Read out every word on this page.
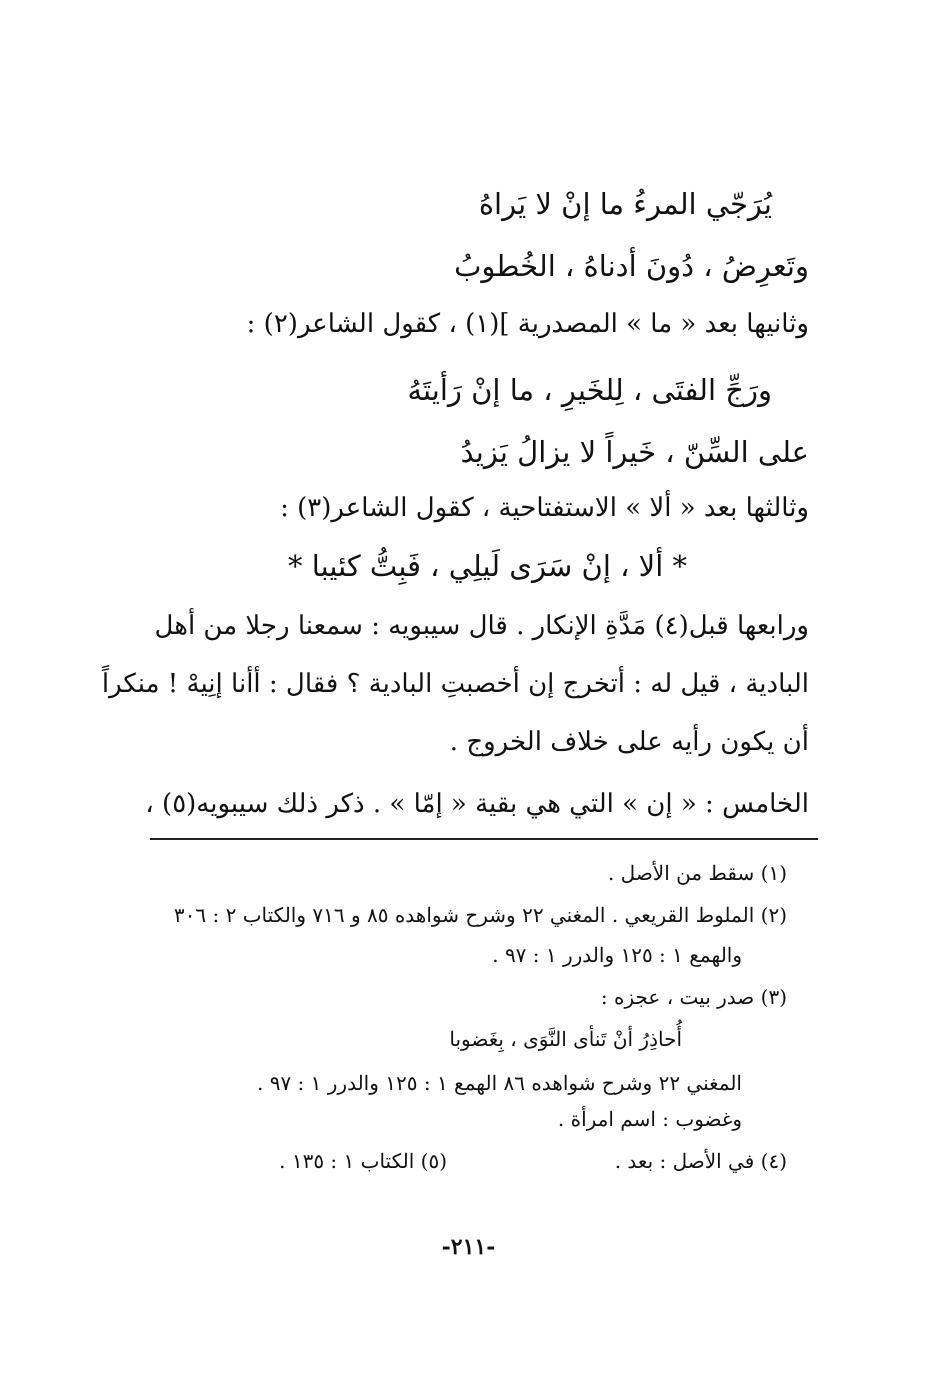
يُرَجّي المرءُ ما إنْ لا يَراهُ
وتَعرِضُ ، دُونَ أدناهُ ، الخُطوبُ
وثانيها بعد « ما » المصدرية ](١) ، كقول الشاعر(٢) :
ورَجِّ الفتَى ، لِلخَيرِ ، ما إنْ رَأيتَهُ
على السِّنّ ، خَيراً لا يزالُ يَزيدُ
وثالثها بعد « ألا » الاستفتاحية ، كقول الشاعر(٣) :
* ألا ، إنْ سَرَى لَيلِي ، فَبِتُّ كئيبا *
ورابعها قبل(٤) مَدَّةِ الإنكار . قال سيبويه : سمعنا رجلا من أهل
البادية ، قيل له : أتخرج إن أخصبتِ البادية ؟ فقال : أأنا إنِيهْ ! منكراً
أن يكون رأيه على خلاف الخروج .
الخامس : « إن » التي هي بقية « إمّا » . ذكر ذلك سيبويه(٥) ،
(١) سقط من الأصل .
(٢) الملوط القريعي . المغني ٢٢ وشرح شواهده ٨٥ و ٧١٦ والكتاب ٢ : ٣٠٦
والهمع ١ : ١٢٥ والدرر ١ : ٩٧ .
(٣) صدر بيت ، عجزه :
أُحاذِرُ أنْ تَنأى النَّوَى ، بِغَضوبا
المغني ٢٢ وشرح شواهده ٨٦ الهمع ١ : ١٢٥ والدرر ١ : ٩٧ .
وغضوب : اسم امرأة .
(٤) في الأصل : بعد .
(٥) الكتاب ١ : ١٣٥ .
-٢١١-
